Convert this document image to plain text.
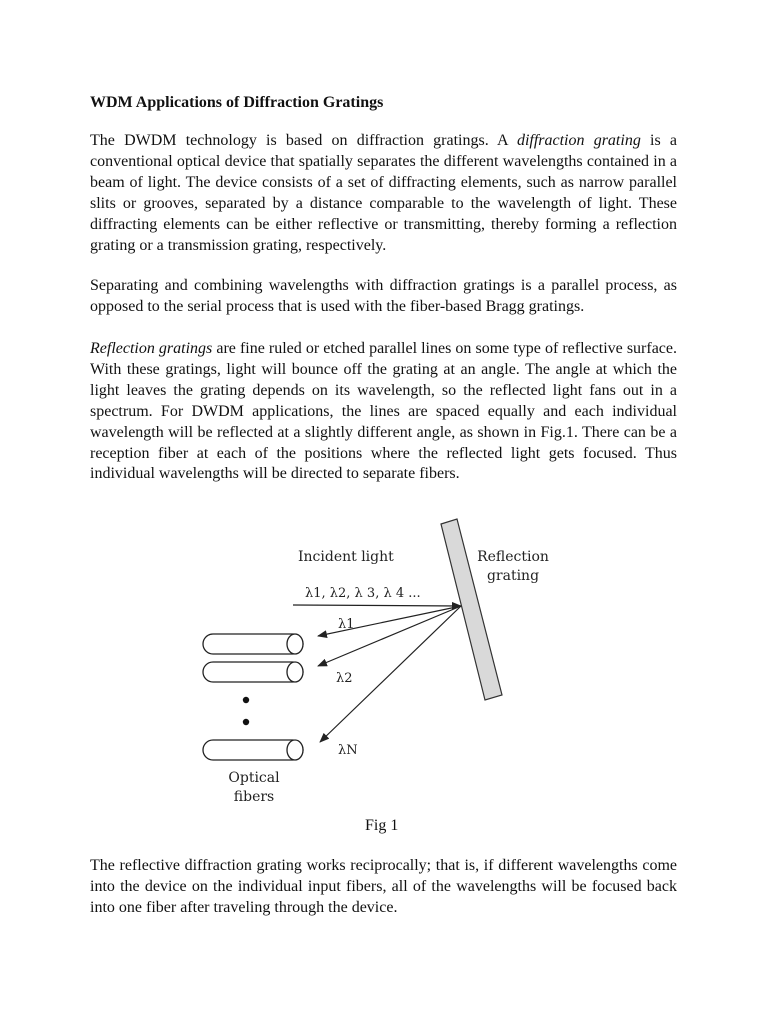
WDM Applications of Diffraction Gratings

The DWDM technology is based on diffraction gratings. A diffraction grating is a conventional optical device that spatially separates the different wavelengths contained in a beam of light. The device consists of a set of diffracting elements, such as narrow parallel slits or grooves, separated by a distance comparable to the wavelength of light. These diffracting elements can be either reflective or transmitting, thereby forming a reflection grating or a transmission grating, respectively.

Separating and combining wavelengths with diffraction gratings is a parallel process, as opposed to the serial process that is used with the fiber-based Bragg gratings.

Reflection gratings are fine ruled or etched parallel lines on some type of reflective surface. With these gratings, light will bounce off the grating at an angle. The angle at which the light leaves the grating depends on its wavelength, so the reflected light fans out in a spectrum. For DWDM applications, the lines are spaced equally and each individual wavelength will be reflected at a slightly different angle, as shown in Fig.1. There can be a reception fiber at each of the positions where the reflected light gets focused. Thus individual wavelengths will be directed to separate fibers.

Incident light	Reflection
grating
λ1, λ2, λ 3, λ 4 ...
λ1
λ2
λN
Optical
fibers
Fig 1

The reflective diffraction grating works reciprocally; that is, if different wavelengths come into the device on the individual input fibers, all of the wavelengths will be focused back into one fiber after traveling through the device.
